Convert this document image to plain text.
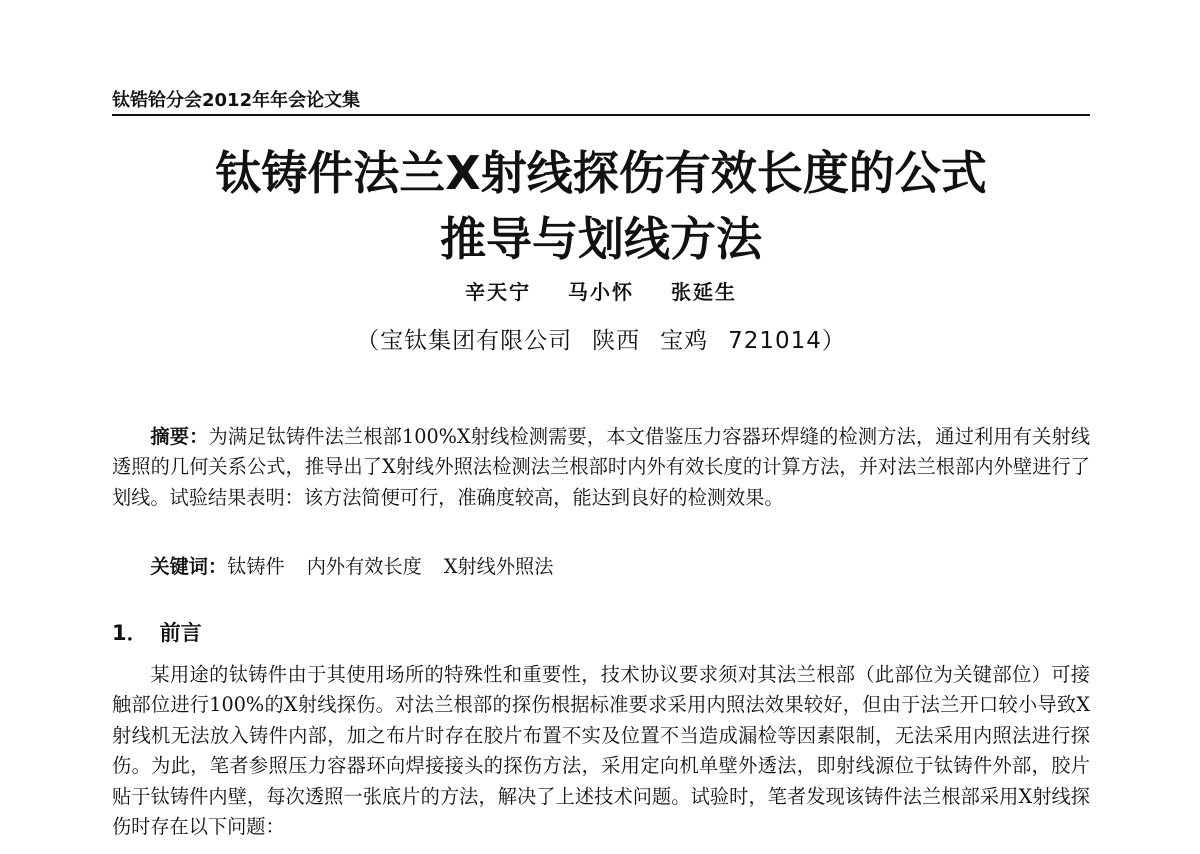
钛锆铪分会2012年年会论文集
钛铸件法兰X射线探伤有效长度的公式
推导与划线方法
辛天宁 马小怀 张延生
（宝钛集团有限公司 陕西 宝鸡 721014）
摘要：为满足钛铸件法兰根部100%X射线检测需要，本文借鉴压力容器环焊缝的检测方法，通过利用有关射线透照的几何关系公式，推导出了X射线外照法检测法兰根部时内外有效长度的计算方法，并对法兰根部内外壁进行了划线。试验结果表明：该方法简便可行，准确度较高，能达到良好的检测效果。
关键词：钛铸件 内外有效长度 X射线外照法
1． 前言
某用途的钛铸件由于其使用场所的特殊性和重要性，技术协议要求须对其法兰根部（此部位为关键部位）可接触部位进行100%的X射线探伤。对法兰根部的探伤根据标准要求采用内照法效果较好，但由于法兰开口较小导致X射线机无法放入铸件内部，加之布片时存在胶片布置不实及位置不当造成漏检等因素限制，无法采用内照法进行探伤。为此，笔者参照压力容器环向焊接接头的探伤方法，采用定向机单壁外透法，即射线源位于钛铸件外部，胶片贴于钛铸件内壁，每次透照一张底片的方法，解决了上述技术问题。试验时，笔者发现该铸件法兰根部采用X射线探伤时存在以下问题：
